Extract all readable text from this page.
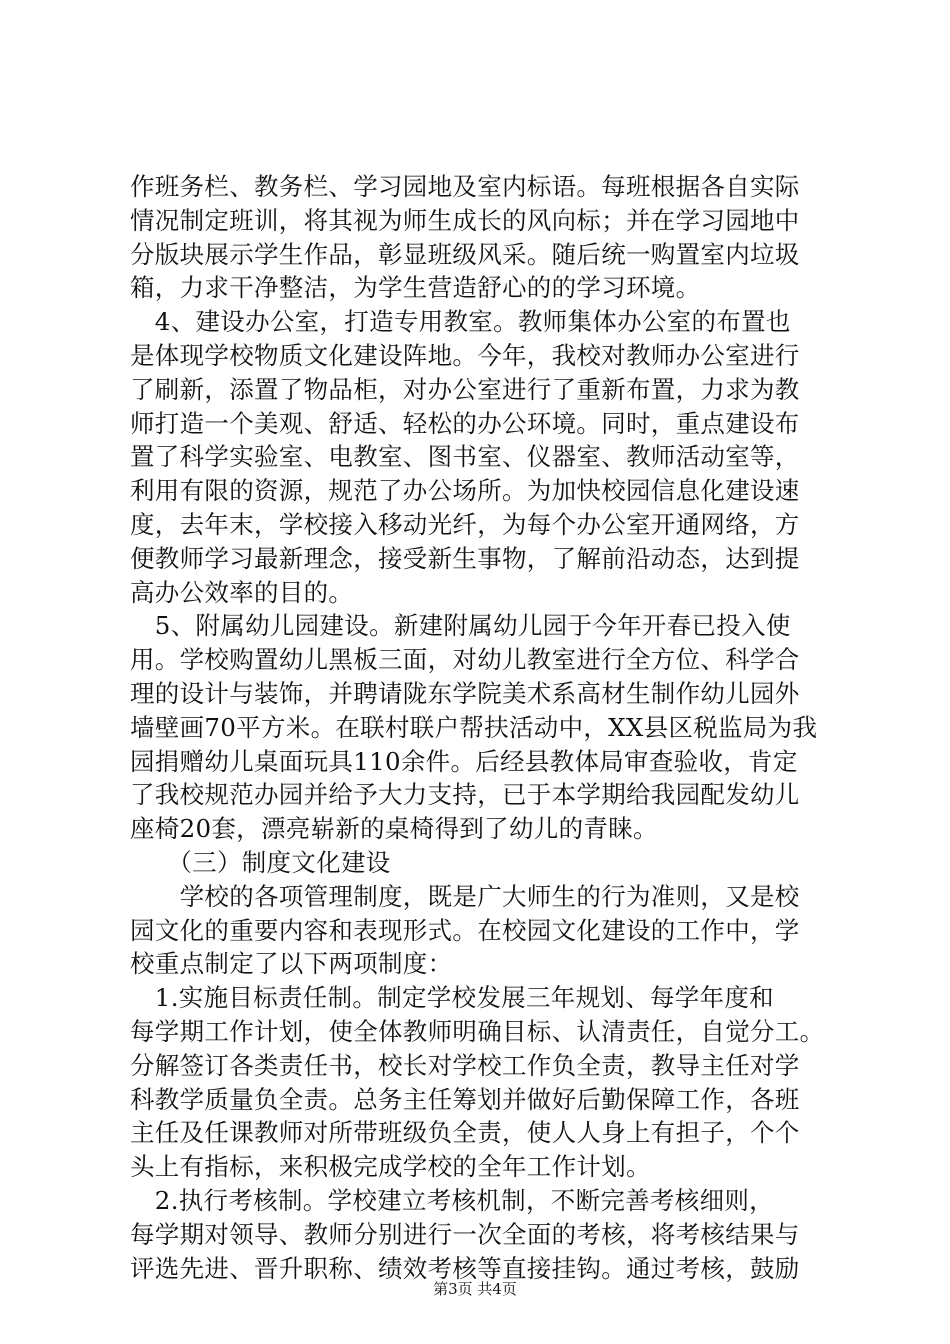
作班务栏、教务栏、学习园地及室内标语。每班根据各自实际
情况制定班训，将其视为师生成长的风向标；并在学习园地中
分版块展示学生作品，彰显班级风采。随后统一购置室内垃圾
箱，力求干净整洁，为学生营造舒心的的学习环境。
　4、建设办公室，打造专用教室。教师集体办公室的布置也
是体现学校物质文化建设阵地。今年，我校对教师办公室进行
了刷新，添置了物品柜，对办公室进行了重新布置，力求为教
师打造一个美观、舒适、轻松的办公环境。同时，重点建设布
置了科学实验室、电教室、图书室、仪器室、教师活动室等，
利用有限的资源，规范了办公场所。为加快校园信息化建设速
度，去年末，学校接入移动光纤，为每个办公室开通网络，方
便教师学习最新理念，接受新生事物，了解前沿动态，达到提
高办公效率的目的。
　5、附属幼儿园建设。新建附属幼儿园于今年开春已投入使
用。学校购置幼儿黑板三面，对幼儿教室进行全方位、科学合
理的设计与装饰，并聘请陇东学院美术系高材生制作幼儿园外
墙壁画70平方米。在联村联户帮扶活动中，XX县区税监局为我
园捐赠幼儿桌面玩具110余件。后经县教体局审查验收，肯定
了我校规范办园并给予大力支持，已于本学期给我园配发幼儿
座椅20套，漂亮崭新的桌椅得到了幼儿的青睐。
　　（三）制度文化建设
　　学校的各项管理制度，既是广大师生的行为准则，又是校
园文化的重要内容和表现形式。在校园文化建设的工作中，学
校重点制定了以下两项制度：
　1.实施目标责任制。制定学校发展三年规划、每学年度和
每学期工作计划，使全体教师明确目标、认清责任，自觉分工。
分解签订各类责任书，校长对学校工作负全责，教导主任对学
科教学质量负全责。总务主任筹划并做好后勤保障工作，各班
主任及任课教师对所带班级负全责，使人人身上有担子，个个
头上有指标，来积极完成学校的全年工作计划。
　2.执行考核制。学校建立考核机制，不断完善考核细则，
每学期对领导、教师分别进行一次全面的考核，将考核结果与
评选先进、晋升职称、绩效考核等直接挂钩。通过考核，鼓励
第3页 共4页
